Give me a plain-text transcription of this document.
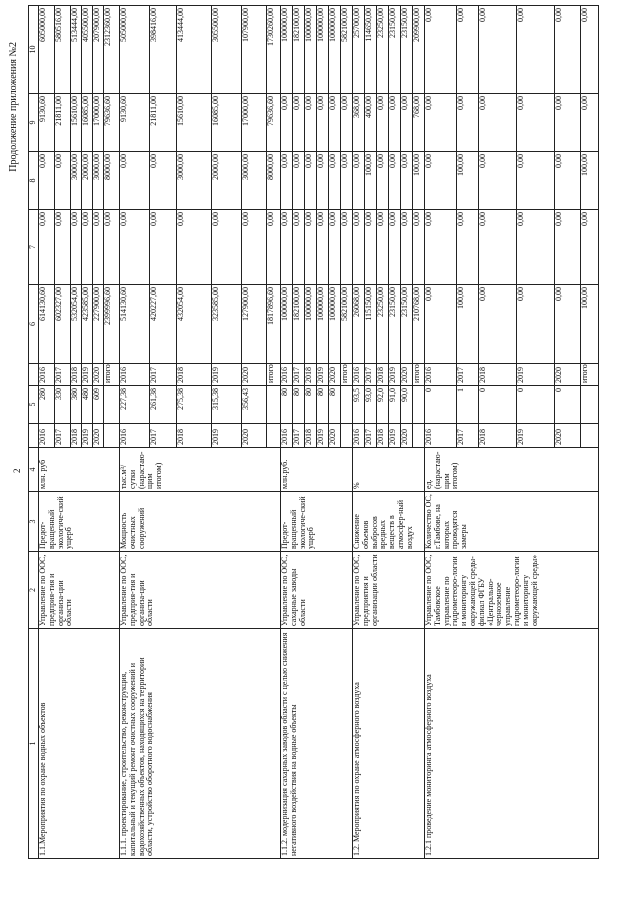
Продолжение приложения №2
2
1	2	3	4		5		6	7	8	9	10
1.1.Мероприятия по охране водных объектов	Управление по ООС, предприя-тия и организа-ции области	Предот-вращенный экологиче-ский ущерб	млн. руб	2016	280	2016	614130,60	0,00	0,00	9130,60	605000,00
				2017	330	2017	602327,00	0,00	0,00	21811,00	580516,00
				2018	380	2018	532054,00	0,00	3000,00	15610,00	513444,00
				2019	480	2019	423585,00	0,00	2000,00	16085,00	405500,00
				2020	609	2020	227900,00	0,00	3000,00	17000,00	207900,00
						итого	2399996,60	0,00	8000,00	79636,60	2312360,00
1.1.1. проектирование, строительство, реконструкция, капитальный и текущий ремонт очистных сооружений и водохозяйственных объектов, находящихся на территории области, устройство оборотного водоснабжения	Управление по ООС, предприя-тия и организа-ции области	Мощность очистных сооружений	тыс.м³/сутки (нарастаю-щим итогом)	2016	227,38	2016	514130,60	0,00	0,00	9130,60	505000,00
				2017	261,38	2017	420227,00	0,00	0,00	21811,00	398416,00
				2018	275,38	2018	432054,00	0,00	3000,00	15610,00	413444,00
				2019	315,38	2019	323585,00	0,00	2000,00	16085,00	305500,00
				2020	356,43	2020	127900,00	0,00	3000,00	17000,00	107900,00
						итого	1817896,60	0,00	8000,00	79636,60	1730260,00
1.1.2. модернизация сахарных заводов области с целью снижения негативного воздействия на водные объекты	Управление по ООС, сахарные заводы области	Предот-вращенный экологиче-ский ущерб	млн.руб.	2016	80	2016	100000,00	0,00	0,00	0,00	100000,00
				2017	80	2017	182100,00	0,00	0,00	0,00	182100,00
				2018	80	2018	100000,00	0,00	0,00	0,00	100000,00
				2019	80	2019	100000,00	0,00	0,00	0,00	100000,00
				2020	80	2020	100000,00	0,00	0,00	0,00	100000,00
						итого	582100,00	0,00	0,00	0,00	582100,00
1.2. Мероприятия по охране атмосферного воздуха	Управление по ООС, предприятия и организации области	Снижение объемов выбросов вредных веществ в атмосфер-ный воздух	%	2016	93,5	2016	26068,00	0,00	0,00	368,00	25700,00
				2017	93,0	2017	115150,00	0,00	100,00	400,00	114650,00
				2018	92,0	2018	23250,00	0,00	0,00	0,00	23250,00
				2019	91,0	2019	23150,00	0,00	0,00	0,00	23150,00
				2020	90,0	2020	23150,00	0,00	0,00	0,00	23150,00
						итого	210768,00	0,00	100,00	768,00	209900,00
1.2.1 проведение мониторинга атмосферного воздуха	Управление по ООС, Тамбовское управление по гидрометеоро-логии и мониторингу окружающей среды-филиал ФГБУ «Центрально-черноземное управление гидрометеоро-логии и мониторингу окружающей среды»	Количество ОС, г.Тамбове, на которых проводятся замеры	ед. (нарастаю-щим итогом)	2016	0	2016	0,00	0,00	0,00	0,00	0,00
				2017	1	2017	100,00	0,00	100,00	0,00	0,00
				2018	0	2018	0,00	0,00	0,00	0,00	0,00
				2019	0	2019	0,00	0,00	0,00	0,00	0,00
				2020	0	2020	0,00	0,00	0,00	0,00	0,00
						итого	100,00	0,00	100,00	0,00	0,00
